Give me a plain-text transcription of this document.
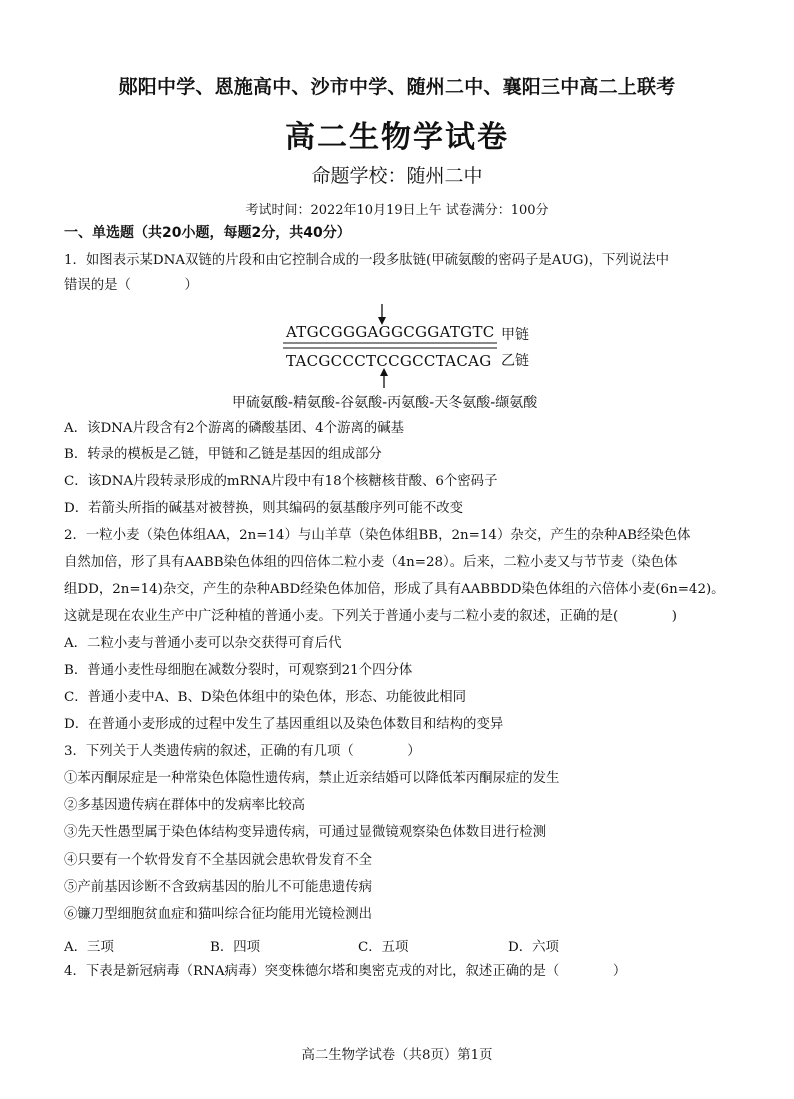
郧阳中学、恩施高中、沙市中学、随州二中、襄阳三中高二上联考
高二生物学试卷
命题学校：随州二中
考试时间：2022年10月19日上午 试卷满分：100分
一、单选题（共20小题，每题2分，共40分）
1．如图表示某DNA双链的片段和由它控制合成的一段多肽链(甲硫氨酸的密码子是AUG)，下列说法中
错误的是（　　　　）
ATGCGGGAGGCGGATGTC 甲链
TACGCCCTCCGCCTACAG 乙链
甲硫氨酸-精氨酸-谷氨酸-丙氨酸-天冬氨酸-缬氨酸
A．该DNA片段含有2个游离的磷酸基团、4个游离的碱基
B．转录的模板是乙链，甲链和乙链是基因的组成部分
C．该DNA片段转录形成的mRNA片段中有18个核糖核苷酸、6个密码子
D．若箭头所指的碱基对被替换，则其编码的氨基酸序列可能不改变
2．一粒小麦（染色体组AA，2n=14）与山羊草（染色体组BB，2n=14）杂交，产生的杂种AB经染色体
自然加倍，形了具有AABB染色体组的四倍体二粒小麦（4n=28）。后来，二粒小麦又与节节麦（染色体
组DD，2n=14)杂交，产生的杂种ABD经染色体加倍，形成了具有AABBDD染色体组的六倍体小麦(6n=42)。
这就是现在农业生产中广泛种植的普通小麦。下列关于普通小麦与二粒小麦的叙述，正确的是(　　　　)
A．二粒小麦与普通小麦可以杂交获得可育后代
B．普通小麦性母细胞在减数分裂时，可观察到21个四分体
C．普通小麦中A、B、D染色体组中的染色体，形态、功能彼此相同
D．在普通小麦形成的过程中发生了基因重组以及染色体数目和结构的变异
3．下列关于人类遗传病的叙述，正确的有几项（　　　　）
①苯丙酮尿症是一种常染色体隐性遗传病，禁止近亲结婚可以降低苯丙酮尿症的发生
②多基因遗传病在群体中的发病率比较高
③先天性愚型属于染色体结构变异遗传病，可通过显微镜观察染色体数目进行检测
④只要有一个软骨发育不全基因就会患软骨发育不全
⑤产前基因诊断不含致病基因的胎儿不可能患遗传病
⑥镰刀型细胞贫血症和猫叫综合征均能用光镜检测出
A．三项	B．四项	C．五项	D．六项
4．下表是新冠病毒（RNA病毒）突变株德尔塔和奥密克戎的对比，叙述正确的是（　　　　）
高二生物学试卷（共8页）第1页
